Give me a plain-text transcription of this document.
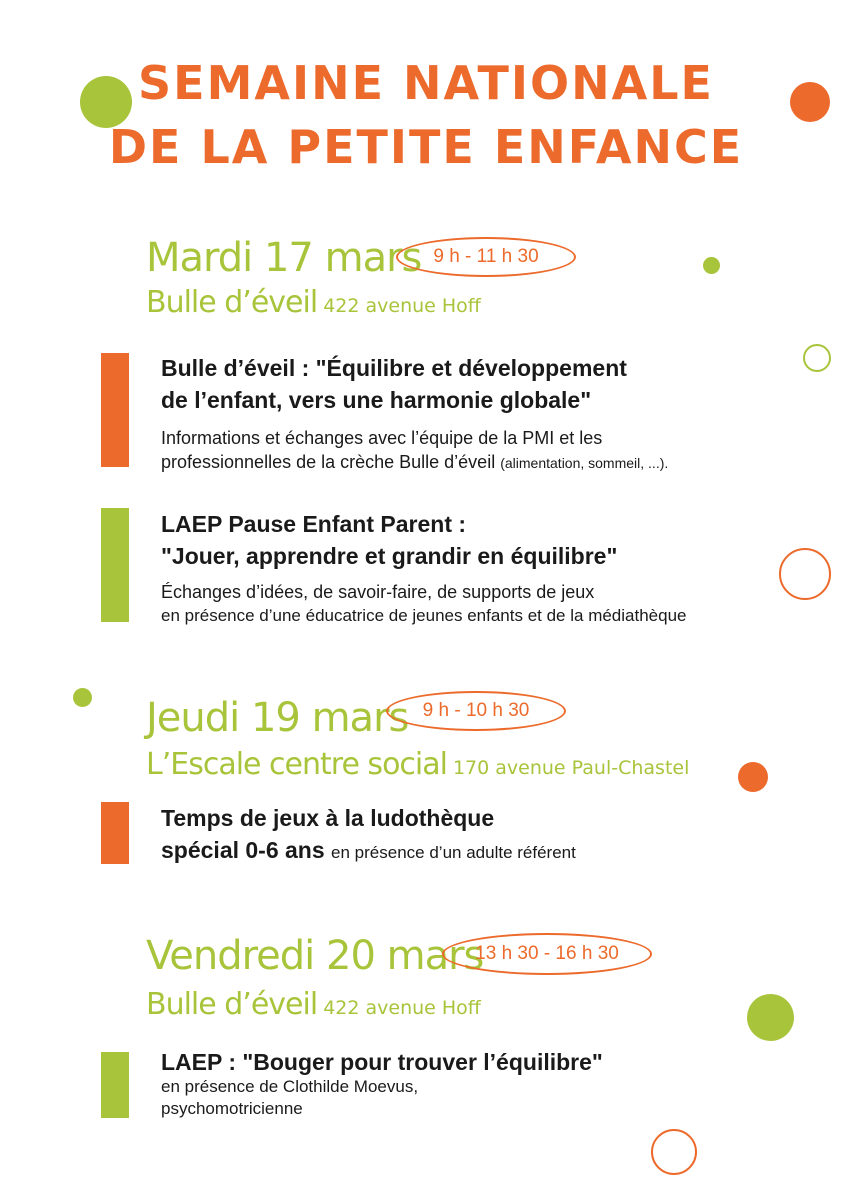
SEMAINE NATIONALE
DE LA PETITE ENFANCE
Mardi 17 mars 9 h - 11 h 30
Bulle d’éveil 422 avenue Hoff
Bulle d’éveil : "Équilibre et développement
de l’enfant, vers une harmonie globale"
Informations et échanges avec l’équipe de la PMI et les
professionnelles de la crèche Bulle d’éveil (alimentation, sommeil, ...).
LAEP Pause Enfant Parent :
"Jouer, apprendre et grandir en équilibre"
Échanges d’idées, de savoir-faire, de supports de jeux
en présence d’une éducatrice de jeunes enfants et de la médiathèque
Jeudi 19 mars 9 h - 10 h 30
L’Escale centre social 170 avenue Paul-Chastel
Temps de jeux à la ludothèque
spécial 0-6 ans en présence d’un adulte référent
Vendredi 20 mars
13 h 30 - 16 h 30
Bulle d’éveil 422 avenue Hoff
LAEP : "Bouger pour trouver l’équilibre"
en présence de Clothilde Moevus,
psychomotricienne
